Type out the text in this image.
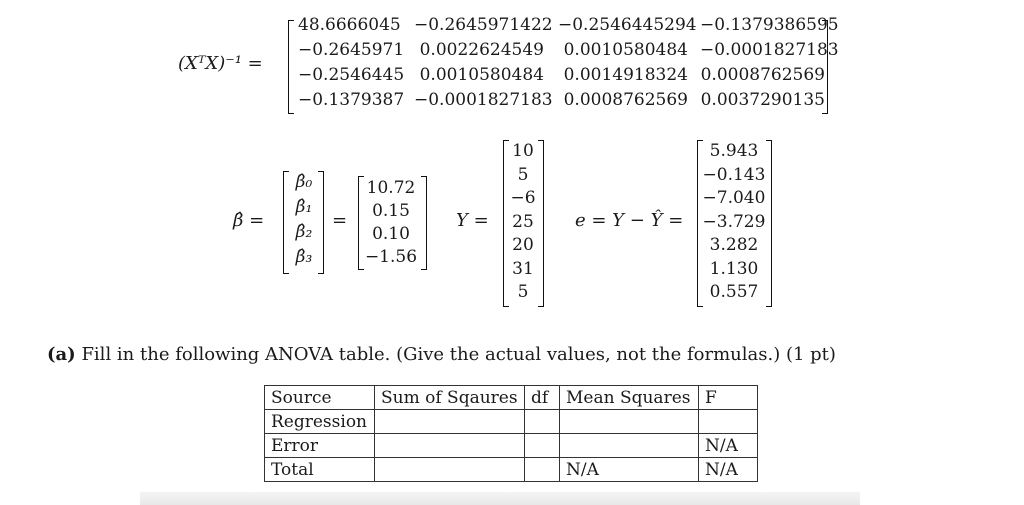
(XᵀX)⁻¹ =
48.6666045 −0.2645971422 −0.2546445294 −0.1379386595
−0.2645971 0.0022624549	0.0010580484 −0.0001827183
−0.2546445 0.0010580484	0.0014918324 0.0008762569
−0.1379387 −0.0001827183 0.0008762569 0.0037290135
β̂ =
β̂₀
β̂₁
β̂₂
β̂₃
=
10.72
0.15
0.10
−1.56
Y =
10
5
−6
25
20
31
5
e = Y − Ŷ =
5.943
−0.143
−7.040
−3.729
3.282
1.130
0.557
(a) Fill in the following ANOVA table. (Give the actual values, not the formulas.) (1 pt)
Source	Sum of Sqaures	df	Mean Squares	F
Regression				
Error				N/A
Total			N/A	N/A
